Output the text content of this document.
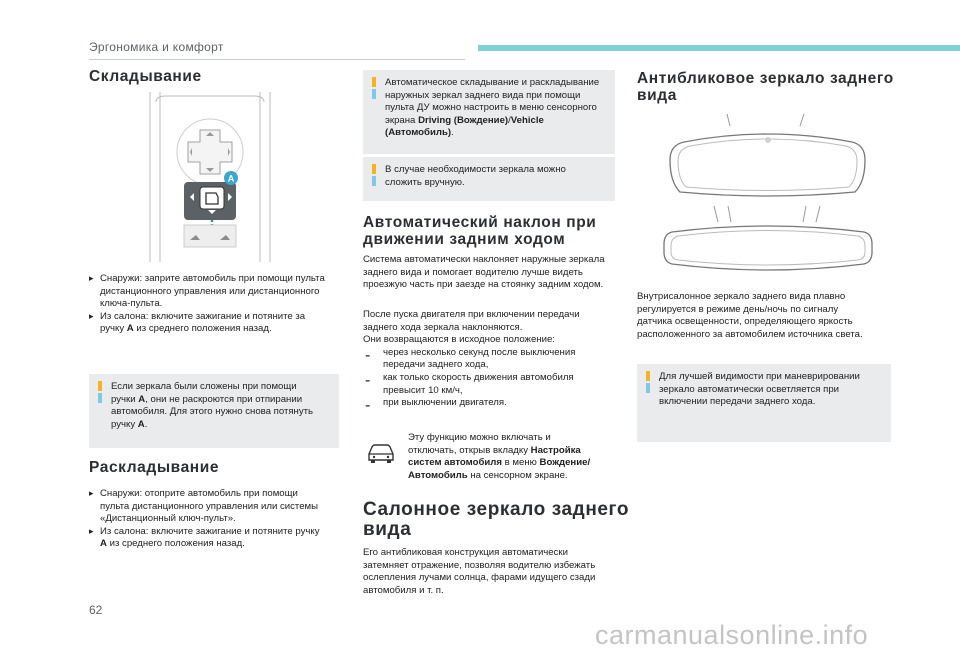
Эргономика и комфорт
Складывание
A
▸ Снаружи: заприте автомобиль при помощи пульта

дистанционного управления или дистанционного

ключа-пульта.

▸ Из салона: включите зажигание и потяните за

ручку A из среднего положения назад.

Если зеркала были сложены при помощи

ручки A, они не раскроются при отпирании

автомобиля. Для этого нужно снова потянуть

ручку A.

Раскладывание
▸ Снаружи: отоприте автомобиль при помощи

пульта дистанционного управления или системы

«Дистанционный ключ-пульт».

▸ Из салона: включите зажигание и потяните ручку

A из среднего положения назад.

Автоматическое складывание и раскладывание

наружных зеркал заднего вида при помощи

пульта ДУ можно настроить в меню сенсорного

экрана Driving (Вождение)/Vehicle

(Автомобиль).

В случае необходимости зеркала можно

сложить вручную.

Автоматический наклон при
движении задним ходом

Система автоматически наклоняет наружные зеркала

заднего вида и помогает водителю лучше видеть

проезжую часть при заезде на стоянку задним ходом.

После пуска двигателя при включении передачи

заднего хода зеркала наклоняются.

Они возвращаются в исходное положение:

- через несколько секунд после выключения

передачи заднего хода,

- как только скорость движения автомобиля

превысит 10 км/ч,

- при выключении двигателя.

Эту функцию можно включать и

отключать, открыв вкладку Настройка

систем автомобиля в меню Вождение/

Автомобиль на сенсорном экране.

Салонное зеркало заднего
вида

Его антибликовая конструкция автоматически

затемняет отражение, позволяя водителю избежать

ослепления лучами солнца, фарами идущего сзади

автомобиля и т. п.

Антибликовое зеркало заднего
вида

Внутрисалонное зеркало заднего вида плавно

регулируется в режиме день/ночь по сигналу

датчика освещенности, определяющего яркость

расположенного за автомобилем источника света.

Для лучшей видимости при маневрировании

зеркало автоматически осветляется при

включении передачи заднего хода.

62
carmanualsonline.info
